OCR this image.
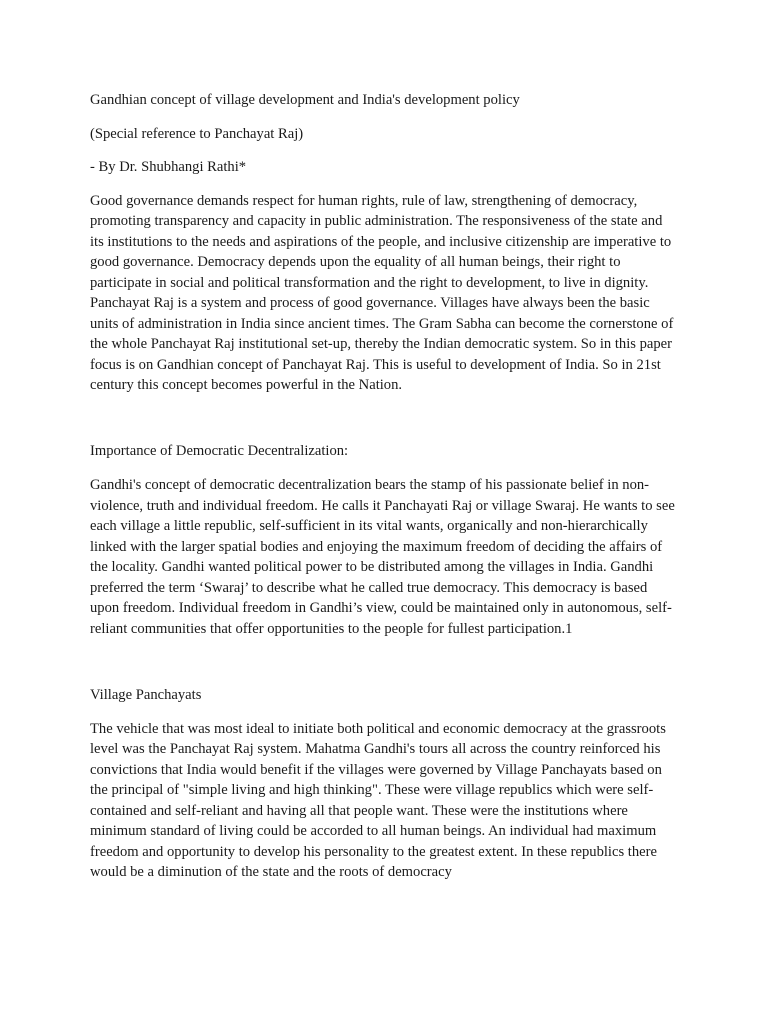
Gandhian concept of village development and India's development policy

(Special reference to Panchayat Raj)

- By Dr. Shubhangi Rathi*

Good governance demands respect for human rights, rule of law, strengthening of democracy, promoting transparency and capacity in public administration. The responsiveness of the state and its institutions to the needs and aspirations of the people, and inclusive citizenship are imperative to good governance. Democracy depends upon the equality of all human beings, their right to participate in social and political transformation and the right to development, to live in dignity. Panchayat Raj is a system and process of good governance. Villages have always been the basic units of administration in India since ancient times. The Gram Sabha can become the cornerstone of the whole Panchayat Raj institutional set-up, thereby the Indian democratic system. So in this paper focus is on Gandhian concept of Panchayat Raj. This is useful to development of India. So in 21st century this concept becomes powerful in the Nation.

Importance of Democratic Decentralization:

Gandhi's concept of democratic decentralization bears the stamp of his passionate belief in non-violence, truth and individual freedom. He calls it Panchayati Raj or village Swaraj. He wants to see each village a little republic, self-sufficient in its vital wants, organically and non-hierarchically linked with the larger spatial bodies and enjoying the maximum freedom of deciding the affairs of the locality. Gandhi wanted political power to be distributed among the villages in India. Gandhi preferred the term ‘Swaraj’ to describe what he called true democracy. This democracy is based upon freedom. Individual freedom in Gandhi’s view, could be maintained only in autonomous, self-reliant communities that offer opportunities to the people for fullest participation.1

Village Panchayats

The vehicle that was most ideal to initiate both political and economic democracy at the grassroots level was the Panchayat Raj system. Mahatma Gandhi's tours all across the country reinforced his convictions that India would benefit if the villages were governed by Village Panchayats based on the principal of "simple living and high thinking". These were village republics which were self-contained and self-reliant and having all that people want. These were the institutions where minimum standard of living could be accorded to all human beings. An individual had maximum freedom and opportunity to develop his personality to the greatest extent. In these republics there would be a diminution of the state and the roots of democracy
